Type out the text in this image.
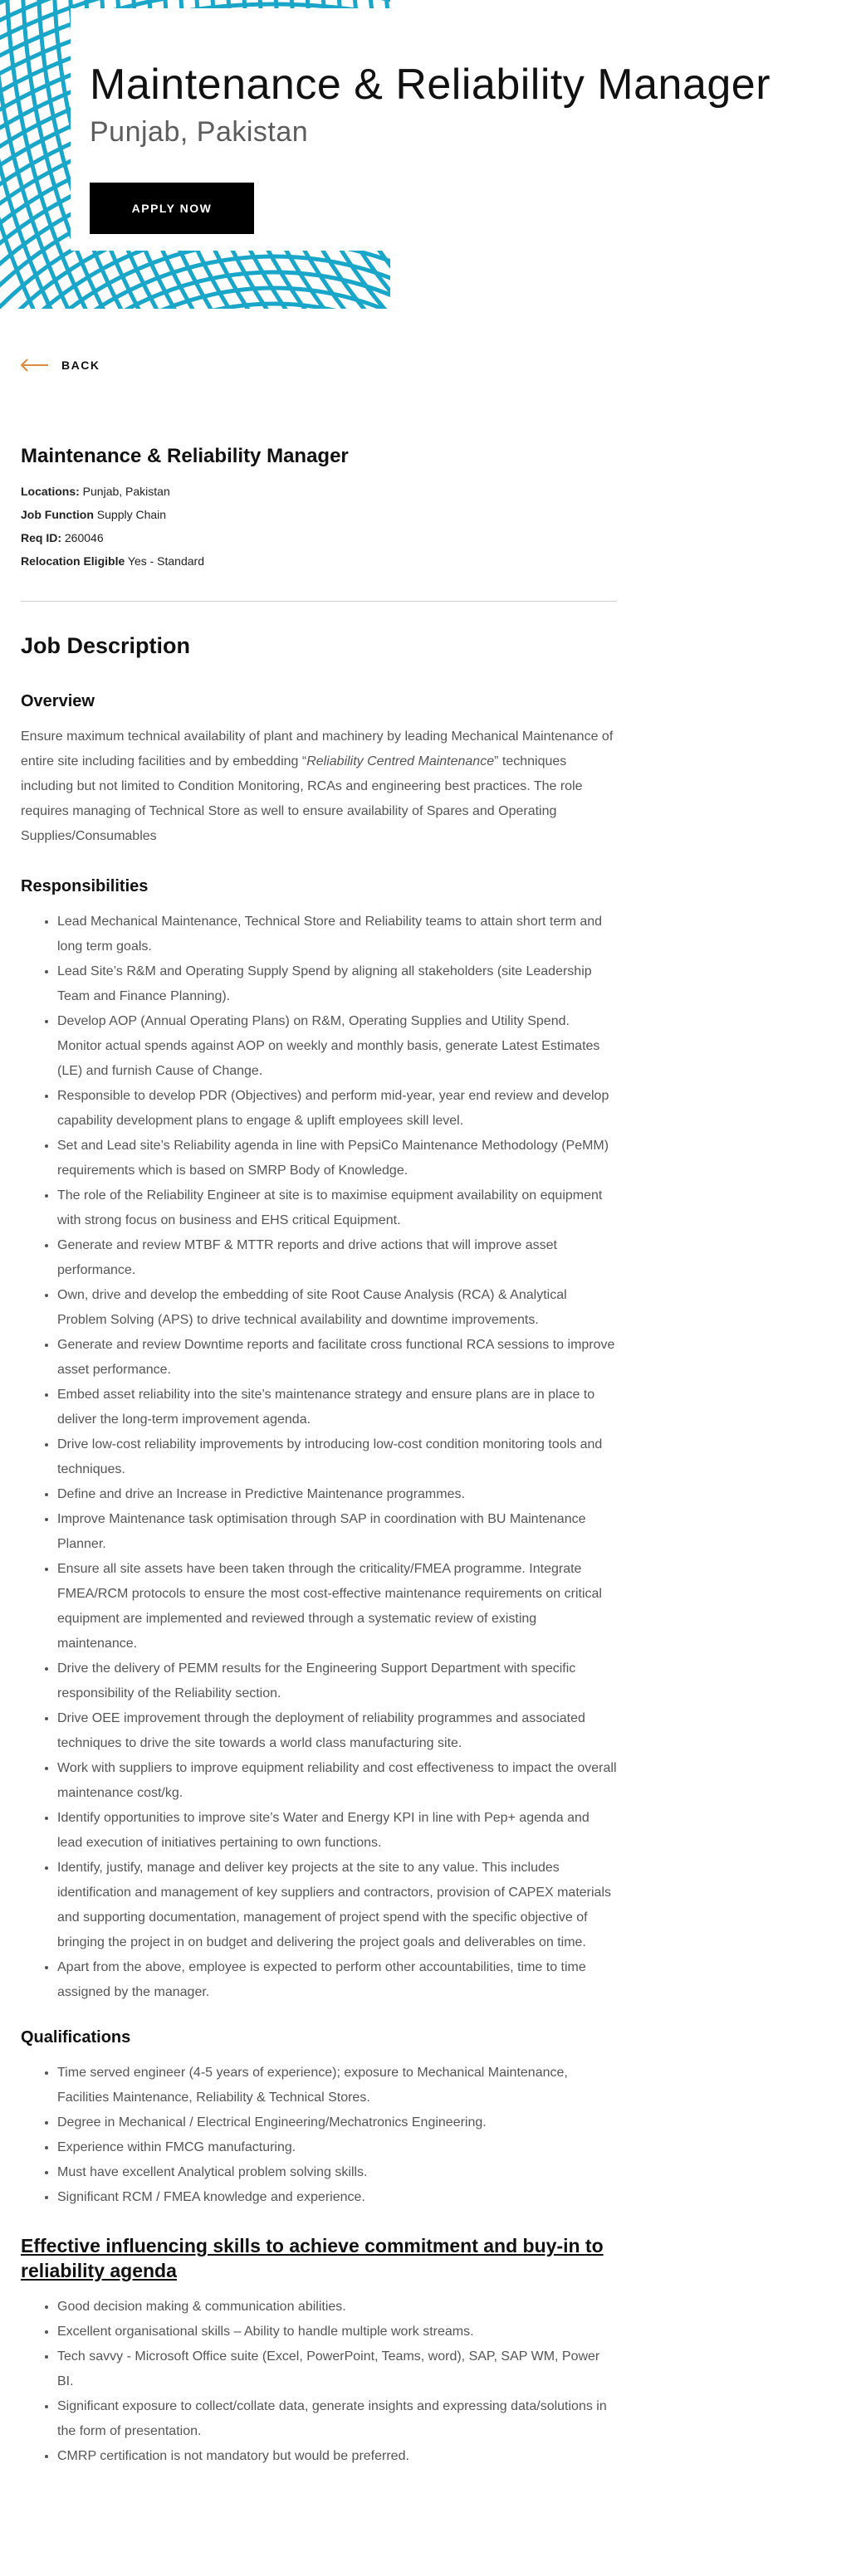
Maintenance & Reliability Manager
Punjab, Pakistan
APPLY NOW
BACK
Maintenance & Reliability Manager
Locations: Punjab, Pakistan
Job Function Supply Chain
Req ID: 260046
Relocation Eligible Yes - Standard
Job Description
Overview

Ensure maximum technical availability of plant and machinery by leading Mechanical Maintenance of entire site including facilities and by embedding “Reliability Centred Maintenance” techniques including but not limited to Condition Monitoring, RCAs and engineering best practices. The role requires managing of Technical Store as well to ensure availability of Spares and Operating Supplies/Consumables

Responsibilities
• Lead Mechanical Maintenance, Technical Store and Reliability teams to attain short term and long term goals.
• Lead Site’s R&M and Operating Supply Spend by aligning all stakeholders (site Leadership Team and Finance Planning).
• Develop AOP (Annual Operating Plans) on R&M, Operating Supplies and Utility Spend. Monitor actual spends against AOP on weekly and monthly basis, generate Latest Estimates (LE) and furnish Cause of Change.
• Responsible to develop PDR (Objectives) and perform mid-year, year end review and develop capability development plans to engage & uplift employees skill level.
• Set and Lead site’s Reliability agenda in line with PepsiCo Maintenance Methodology (PeMM) requirements which is based on SMRP Body of Knowledge.
• The role of the Reliability Engineer at site is to maximise equipment availability on equipment with strong focus on business and EHS critical Equipment.
• Generate and review MTBF & MTTR reports and drive actions that will improve asset performance.
• Own, drive and develop the embedding of site Root Cause Analysis (RCA) & Analytical Problem Solving (APS) to drive technical availability and downtime improvements.
• Generate and review Downtime reports and facilitate cross functional RCA sessions to improve asset performance.
• Embed asset reliability into the site’s maintenance strategy and ensure plans are in place to deliver the long-term improvement agenda.
• Drive low-cost reliability improvements by introducing low-cost condition monitoring tools and techniques.
• Define and drive an Increase in Predictive Maintenance programmes.
• Improve Maintenance task optimisation through SAP in coordination with BU Maintenance Planner.
• Ensure all site assets have been taken through the criticality/FMEA programme. Integrate FMEA/RCM protocols to ensure the most cost-effective maintenance requirements on critical equipment are implemented and reviewed through a systematic review of existing maintenance.
• Drive the delivery of PEMM results for the Engineering Support Department with specific responsibility of the Reliability section.
• Drive OEE improvement through the deployment of reliability programmes and associated techniques to drive the site towards a world class manufacturing site.
• Work with suppliers to improve equipment reliability and cost effectiveness to impact the overall maintenance cost/kg.
• Identify opportunities to improve site’s Water and Energy KPI in line with Pep+ agenda and lead execution of initiatives pertaining to own functions.
• Identify, justify, manage and deliver key projects at the site to any value. This includes identification and management of key suppliers and contractors, provision of CAPEX materials and supporting documentation, management of project spend with the specific objective of bringing the project in on budget and delivering the project goals and deliverables on time.
• Apart from the above, employee is expected to perform other accountabilities, time to time assigned by the manager.
Qualifications
• Time served engineer (4-5 years of experience); exposure to Mechanical Maintenance, Facilities Maintenance, Reliability & Technical Stores.
• Degree in Mechanical / Electrical Engineering/Mechatronics Engineering.
• Experience within FMCG manufacturing.
• Must have excellent Analytical problem solving skills.
• Significant RCM / FMEA knowledge and experience.
Effective influencing skills to achieve commitment and buy-in to reliability agenda
• Good decision making & communication abilities.
• Excellent organisational skills – Ability to handle multiple work streams.
• Tech savvy - Microsoft Office suite (Excel, PowerPoint, Teams, word), SAP, SAP WM, Power BI.
• Significant exposure to collect/collate data, generate insights and expressing data/solutions in the form of presentation.
• CMRP certification is not mandatory but would be preferred.
